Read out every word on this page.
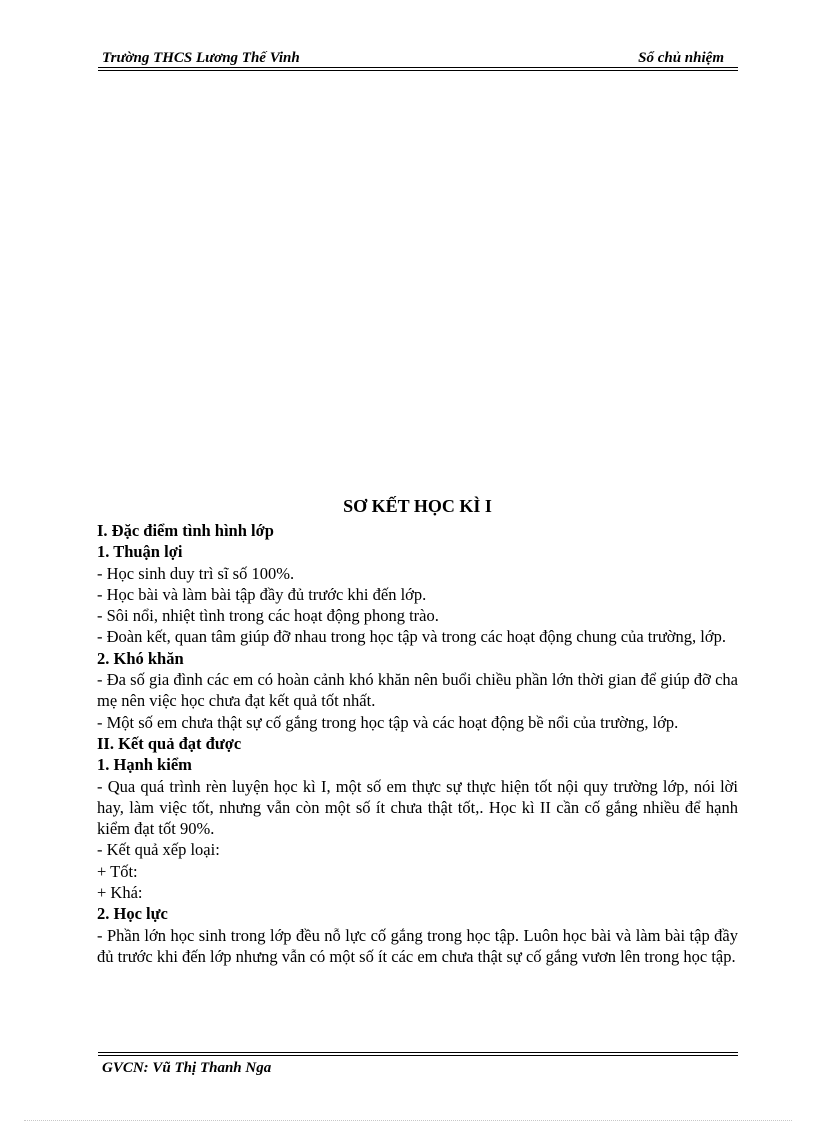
Trường THCS Lương Thế Vinh	Sổ chủ nhiệm
SƠ KẾT HỌC KÌ I
I. Đặc điểm tình hình lớp
1. Thuận lợi
- Học sinh duy trì sĩ số 100%.
- Học bài và làm bài tập đầy đủ trước khi đến lớp.
- Sôi nổi, nhiệt tình trong các hoạt động phong trào.
- Đoàn kết, quan tâm giúp đỡ nhau trong học tập và trong các hoạt động chung của trường, lớp.
2. Khó khăn
- Đa số gia đình các em có hoàn cảnh khó khăn nên buổi chiều phần lớn thời gian để giúp đỡ cha mẹ nên việc học chưa đạt kết quả tốt nhất.
- Một số em chưa thật sự cố gắng trong học tập và các hoạt động bề nổi của trường, lớp.
II. Kết quả đạt được
1. Hạnh kiểm
- Qua quá trình rèn luyện học kì I, một số em thực sự thực hiện tốt nội quy trường lớp, nói lời hay, làm việc tốt, nhưng vẫn còn một số ít chưa thật tốt,. Học kì II cần cố gắng nhiều để hạnh kiểm đạt tốt 90%.
- Kết quả xếp loại:
+ Tốt:
+ Khá:
2. Học lực
- Phần lớn học sinh trong lớp đều nỗ lực cố gắng trong học tập. Luôn học bài và làm bài tập đầy đủ trước khi đến lớp nhưng vẫn có một số ít các em chưa thật sự cố gắng vươn lên trong học tập.
GVCN: Vũ Thị Thanh Nga
